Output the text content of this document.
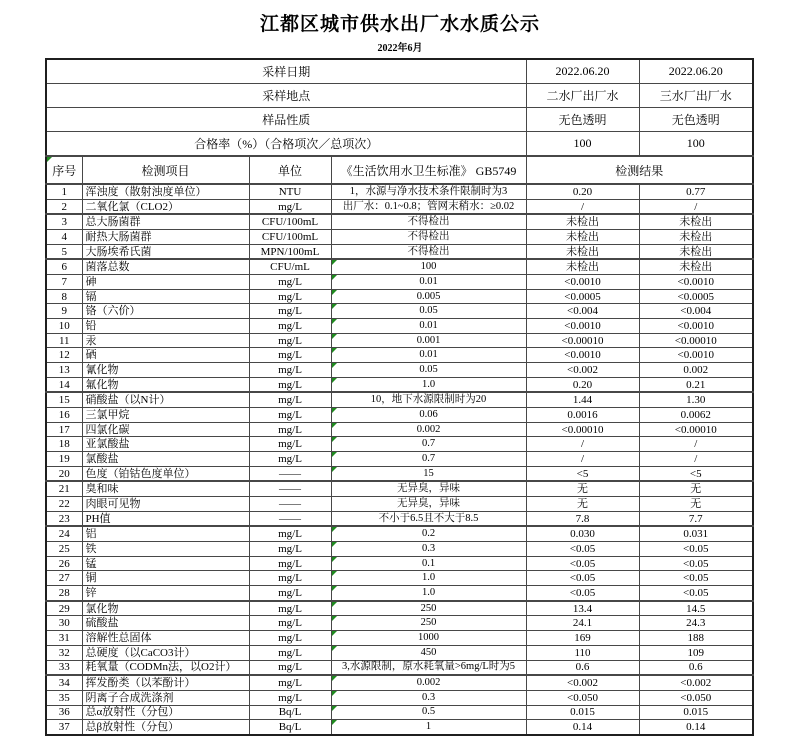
江都区城市供水出厂水水质公示
2022年6月
采样日期				2022.06.20	2022.06.20
采样地点				二水厂出厂水	三水厂出厂水
样品性质				无色透明	无色透明
合格率（%）（合格项次／总项次）				100	100

序号	检测项目	单位	《生活饮用水卫生标准》 GB5749	检测结果	
1	浑浊度（散射浊度单位）	NTU	1，水源与净水技术条件限制时为3	0.20	0.77
2	二氧化氯（CLO2）	mg/L	出厂水：0.1~0.8；管网末稍水：≥0.02	/	/
3	总大肠菌群	CFU/100mL	不得检出	未检出	未检出
4	耐热大肠菌群	CFU/100mL	不得检出	未检出	未检出
5	大肠埃希氏菌	MPN/100mL	不得检出	未检出	未检出
6	菌落总数	CFU/mL	100	未检出	未检出
7	砷	mg/L	0.01	<0.0010	<0.0010
8	镉	mg/L	0.005	<0.0005	<0.0005
9	铬（六价）	mg/L	0.05	<0.004	<0.004
10	铅	mg/L	0.01	<0.0010	<0.0010
11	汞	mg/L	0.001	<0.00010	<0.00010
12	硒	mg/L	0.01	<0.0010	<0.0010
13	氰化物	mg/L	0.05	<0.002	0.002
14	氟化物	mg/L	1.0	0.20	0.21
15	硝酸盐（以N计）	mg/L	10，地下水源限制时为20	1.44	1.30
16	三氯甲烷	mg/L	0.06	0.0016	0.0062
17	四氯化碳	mg/L	0.002	<0.00010	<0.00010
18	亚氯酸盐	mg/L	0.7	/	/
19	氯酸盐	mg/L	0.7	/	/
20	色度（铂钴色度单位）	——	15	<5	<5
21	臭和味	——	无异臭，异味	无	无
22	肉眼可见物	——	无异臭，异味	无	无
23	PH值	——	不小于6.5且不大于8.5	7.8	7.7
24	铝	mg/L	0.2	0.030	0.031
25	铁	mg/L	0.3	<0.05	<0.05
26	锰	mg/L	0.1	<0.05	<0.05
27	铜	mg/L	1.0	<0.05	<0.05
28	锌	mg/L	1.0	<0.05	<0.05
29	氯化物	mg/L	250	13.4	14.5
30	硫酸盐	mg/L	250	24.1	24.3
31	溶解性总固体	mg/L	1000	169	188
32	总硬度（以CaCO3计）	mg/L	450	110	109
33	耗氧量（CODMn法，以O2计）	mg/L	3,水源限制，原水耗氧量>6mg/L时为5	0.6	0.6
34	挥发酚类（以苯酚计）	mg/L	0.002	<0.002	<0.002
35	阴离子合成洗涤剂	mg/L	0.3	<0.050	<0.050
36	总α放射性（分包）	Bq/L	0.5	0.015	0.015
37	总β放射性（分包）	Bq/L	1	0.14	0.14
